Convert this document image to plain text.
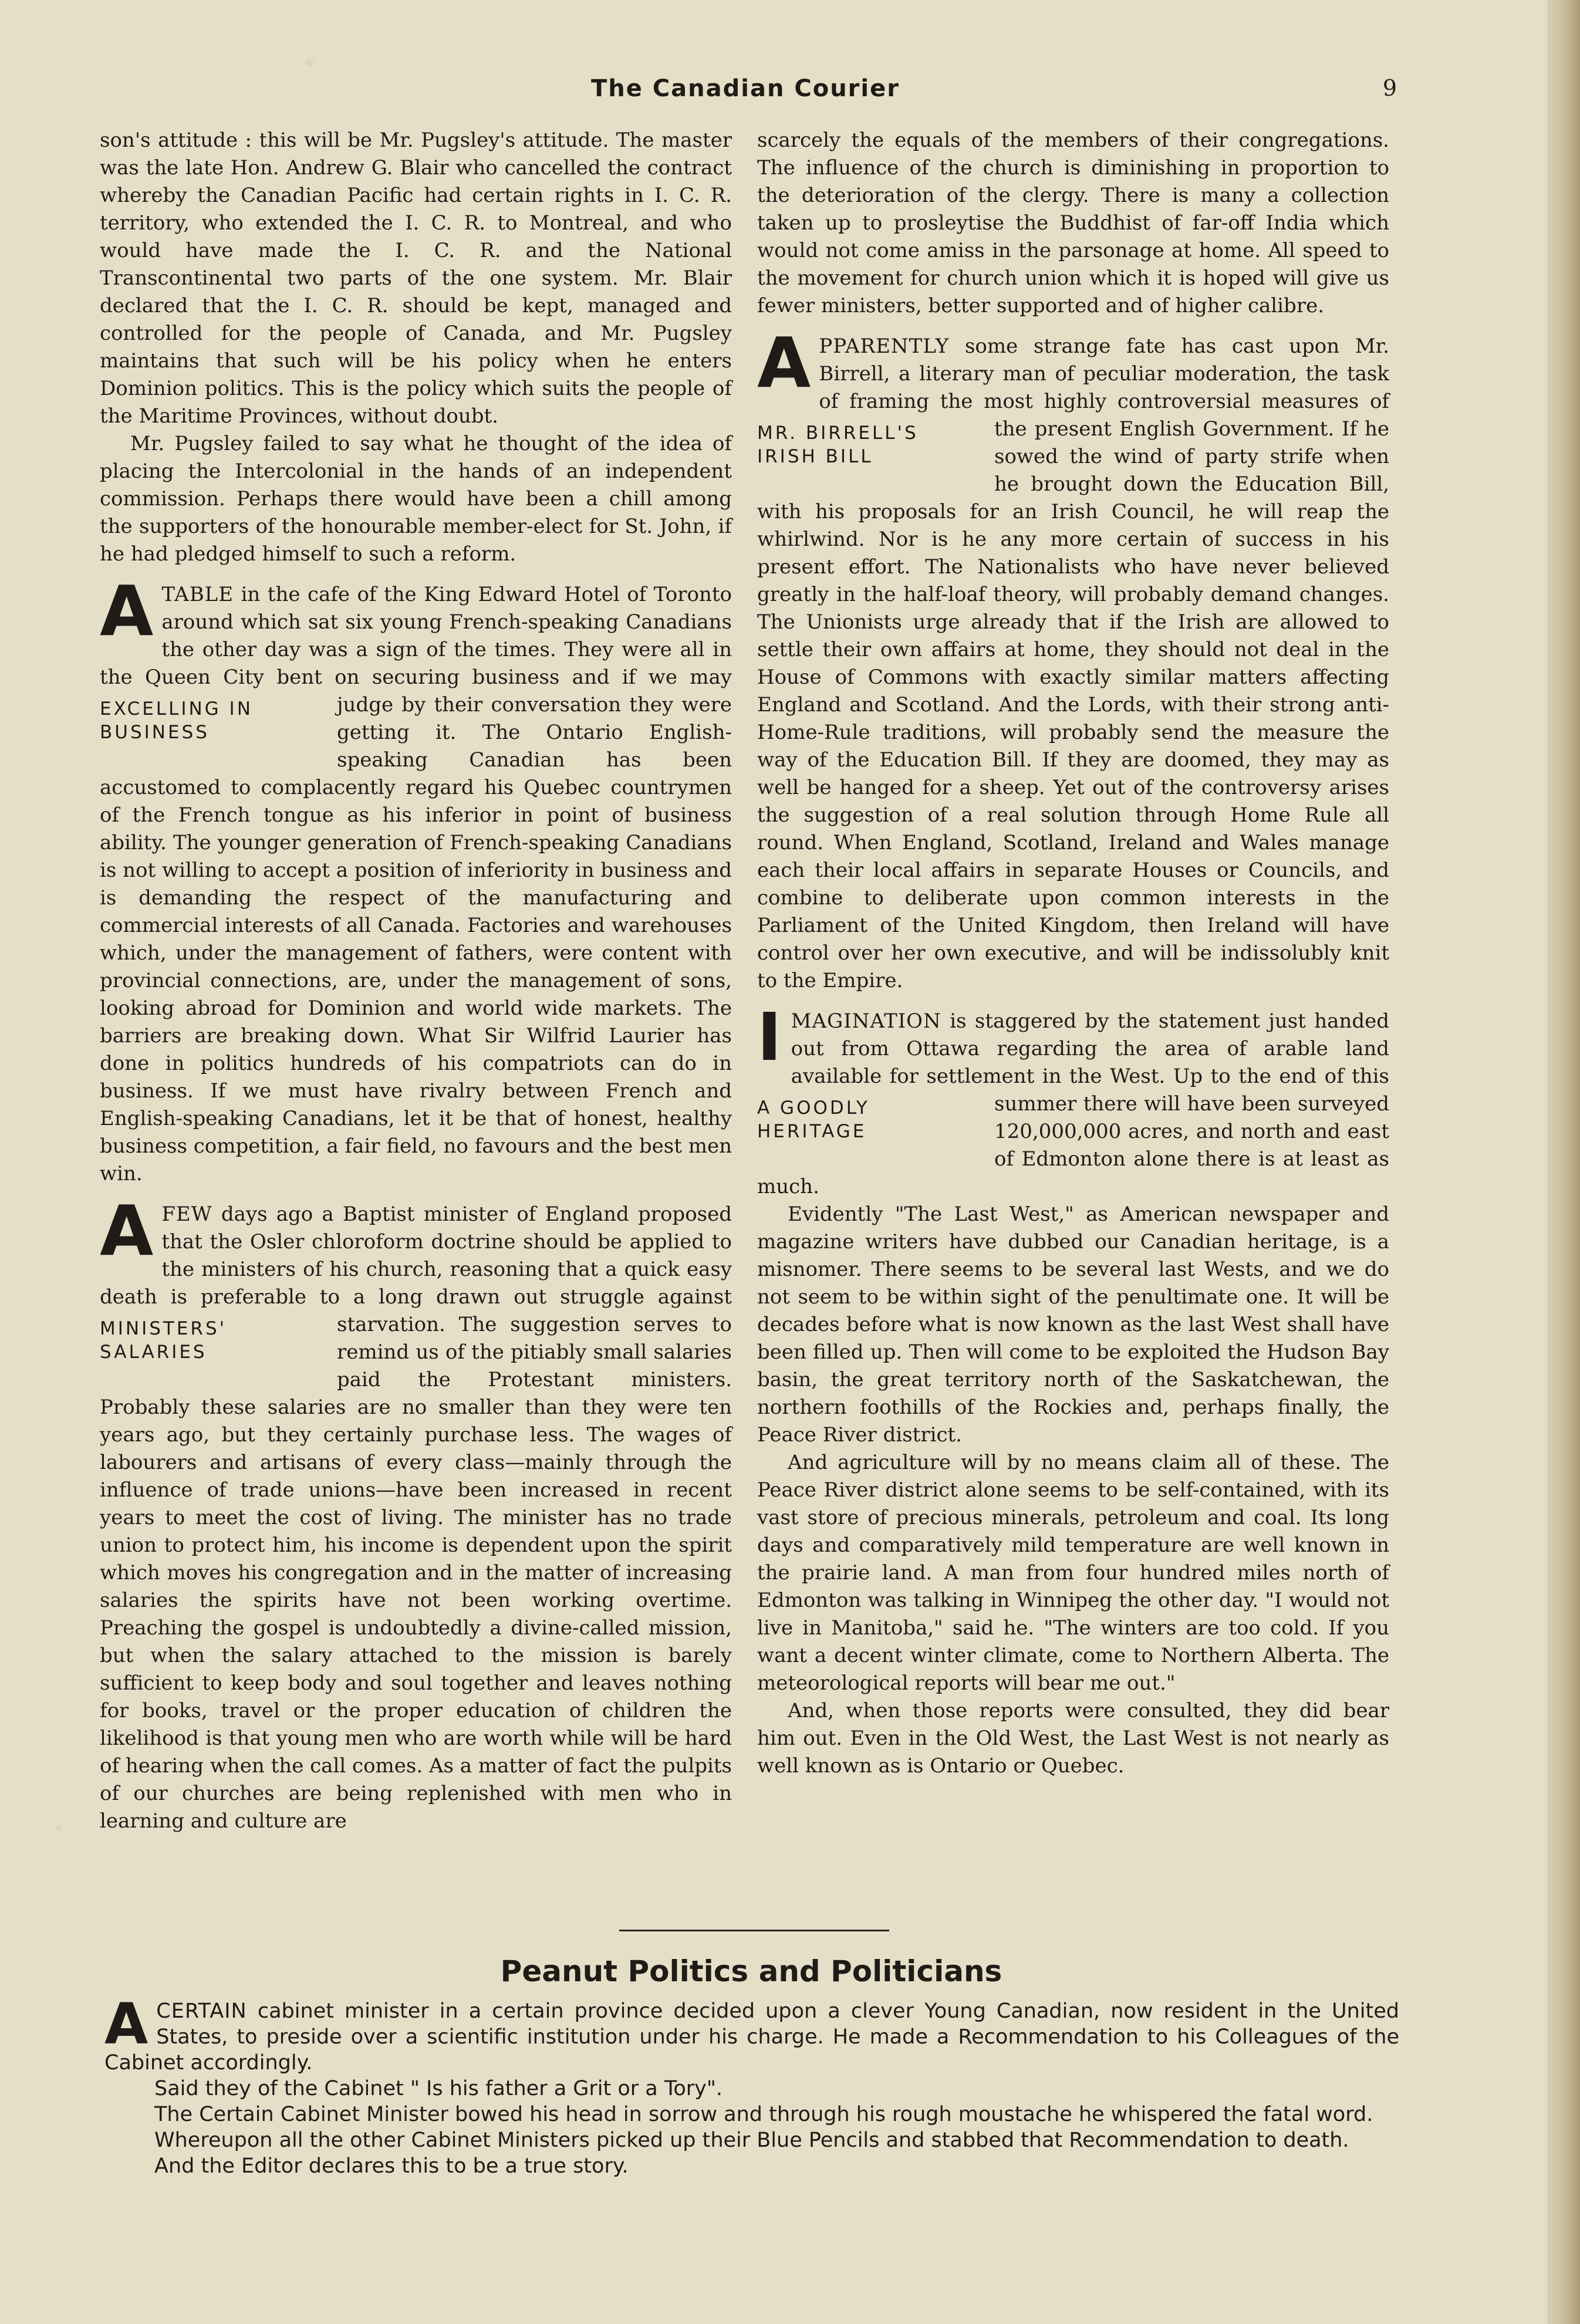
The Canadian Courier	9

son's attitude : this will be Mr. Pugsley's attitude. The master was the late Hon. Andrew G. Blair who cancelled the contract whereby the Canadian Pacific had certain rights in I. C. R. territory, who extended the I. C. R. to Montreal, and who would have made the I. C. R. and the National Transcontinental two parts of the one system. Mr. Blair declared that the I. C. R. should be kept, managed and controlled for the people of Canada, and Mr. Pugsley maintains that such will be his policy when he enters Dominion politics. This is the policy which suits the people of the Maritime Provinces, without doubt.

Mr. Pugsley failed to say what he thought of the idea of placing the Intercolonial in the hands of an independent commission. Perhaps there would have been a chill among the supporters of the honourable member-elect for St. John, if he had pledged himself to such a reform.

A TABLE in the cafe of the King Edward Hotel of Toronto around which sat six young French-speaking Canadians the other day was a sign of the times. They were all in the Queen City bent on securing business and if we may judge by
EXCELLING IN BUSINESS
their conversation they were getting it. The Ontario English-speaking Canadian has been accustomed to complacently regard his Quebec countrymen of the French tongue as his inferior in point of business ability. The younger generation of French-speaking Canadians is not willing to accept a position of inferiority in business and is demanding the respect of the manufacturing and commercial interests of all Canada. Factories and warehouses which, under the management of fathers, were content with provincial connections, are, under the management of sons, looking abroad for Dominion and world wide markets. The barriers are breaking down. What Sir Wilfrid Laurier has done in politics hundreds of his compatriots can do in business. If we must have rivalry between French and English-speaking Canadians, let it be that of honest, healthy business competition, a fair field, no favours and the best men win.
A FEW days ago a Baptist minister of England proposed that the Osler chloroform doctrine should be applied to the ministers of his church, reasoning that a quick easy death is preferable to a long drawn out
MINISTERS' SALARIES
struggle against starvation. The suggestion serves to remind us of the pitiably small salaries paid the Protestant ministers. Probably these salaries are no smaller than they were ten years ago, but they certainly purchase less. The wages of labourers and artisans of every class—mainly through the influence of trade unions—have been increased in recent years to meet the cost of living. The minister has no trade union to protect him, his income is dependent upon the spirit which moves his congregation and in the matter of increasing salaries the spirits have not been working overtime. Preaching the gospel is undoubtedly a divine-called mission, but when the salary attached to the mission is barely sufficient to keep body and soul together and leaves nothing for books, travel or the proper education of children the likelihood is that young men who are worth while will be hard of hearing when the call comes. As a matter of fact the pulpits of our churches are being replenished with men who in learning and culture are

scarcely the equals of the members of their congregations. The influence of the church is diminishing in proportion to the deterioration of the clergy. There is many a collection taken up to prosleytise the Buddhist of far-off India which would not come amiss in the parsonage at home. All speed to the movement for church union which it is hoped will give us fewer ministers, better supported and of higher calibre.

A PPARENTLY some strange fate has cast upon Mr. Birrell, a literary man of peculiar moderation, the task of framing the most highly controversial measures of the present English Government. If he
MR. BIRRELL'S IRISH BILL	sowed the wind of party strife when he brought down the Education Bill, with his proposals for an Irish Council, he will reap the whirlwind. Nor is he any more certain of success in his present effort. The Nationalists who have never believed greatly in the half-loaf theory, will probably demand changes. The Unionists urge already that if the Irish are allowed to settle their own affairs at home, they should not deal in the House of Commons with exactly similar matters affecting England and Scotland. And the Lords, with their strong anti-Home-Rule traditions, will probably send the measure the way of the Education Bill. If they are doomed, they may as well be hanged for a sheep. Yet out of the controversy arises the suggestion of a real solution through Home Rule all round. When England, Scotland, Ireland and Wales manage each their local affairs in separate Houses or Councils, and combine to deliberate upon common interests in the Parliament of the United Kingdom, then Ireland will have control over her own executive, and will be indissolubly knit to the Empire.
I MAGINATION is staggered by the statement just handed out from Ottawa regarding the area of arable land available for settlement in the West. Up to the end of this summer there will have been surveyed
A GOODLY HERITAGE	120,000,000 acres, and north and east of Edmonton alone there is at least as much.

Evidently "The Last West," as American newspaper and magazine writers have dubbed our Canadian heritage, is a misnomer. There seems to be several last Wests, and we do not seem to be within sight of the penultimate one. It will be decades before what is now known as the last West shall have been filled up. Then will come to be exploited the Hudson Bay basin, the great territory north of the Saskatchewan, the northern foothills of the Rockies and, perhaps finally, the Peace River district.

And agriculture will by no means claim all of these. The Peace River district alone seems to be self-contained, with its vast store of precious minerals, petroleum and coal. Its long days and comparatively mild temperature are well known in the prairie land. A man from four hundred miles north of Edmonton was talking in Winnipeg the other day. "I would not live in Manitoba," said he. "The winters are too cold. If you want a decent winter climate, come to Northern Alberta. The meteorological reports will bear me out."

And, when those reports were consulted, they did bear him out. Even in the Old West, the Last West is not nearly as well known as is Ontario or Quebec.

Peanut Politics and Politicians

A CERTAIN cabinet minister in a certain province decided upon a clever Young Canadian, now resident in the United States, to preside over a scientific institution under his charge. He made a Recommendation to his Colleagues of the Cabinet accordingly.

Said they of the Cabinet " Is his father a Grit or a Tory".

The Certain Cabinet Minister bowed his head in sorrow and through his rough moustache he whispered the fatal word.

Whereupon all the other Cabinet Ministers picked up their Blue Pencils and stabbed that Recommendation to death.

And the Editor declares this to be a true story.
